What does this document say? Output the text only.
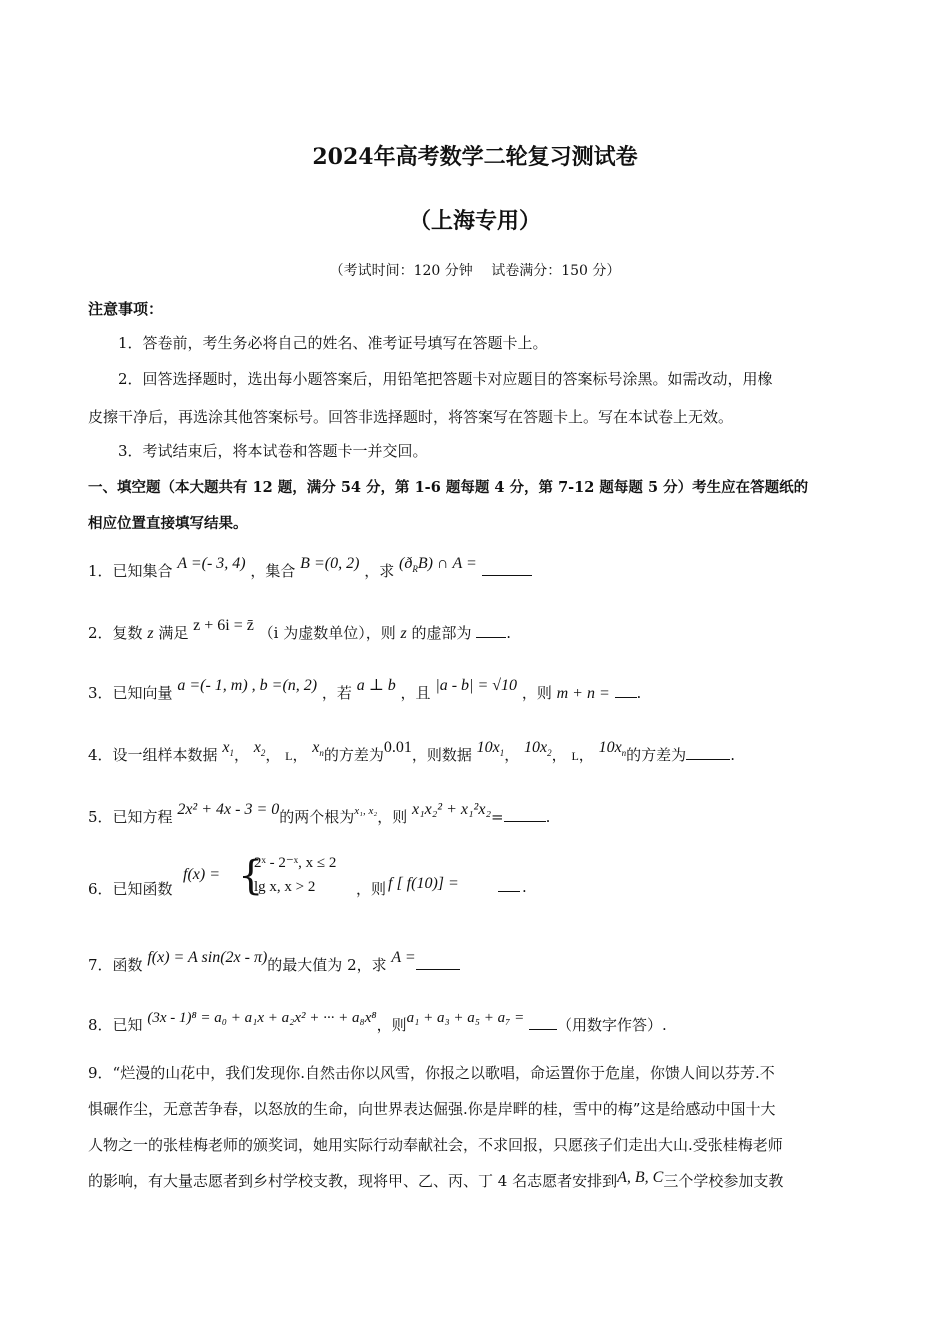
2024年高考数学二轮复习测试卷
（上海专用）
（考试时间：120 分钟　 试卷满分：150 分）
注意事项：
1．答卷前，考生务必将自己的姓名、准考证号填写在答题卡上。
2．回答选择题时，选出每小题答案后，用铅笔把答题卡对应题目的答案标号涂黑。如需改动，用橡
皮擦干净后，再选涂其他答案标号。回答非选择题时，将答案写在答题卡上。写在本试卷上无效。
3．考试结束后，将本试卷和答题卡一并交回。
一、填空题（本大题共有 12 题，满分 54 分，第 1-6 题每题 4 分，第 7-12 题每题 5 分）考生应在答题纸的
相应位置直接填写结果。
1．已知集合 A =(- 3, 4) ，集合 B =(0, 2) ，求 $(ð_RB)$ ∩ A =
2．复数 z 满足 z + 6i = z̄ （i 为虚数单位），则 z 的虚部为 .
3．已知向量 a =(- 1, m) , b =(n, 2) ，若 a ⊥ b ，且 |a - b| = √10 ，则 m + n = .
4．设一组样本数据 $x_1$， $x_2$， L， $x_n$的方差为0.01，则数据 $10x_1$， $10x_2$， L， $10x_n$的方差为	.
5．已知方程 2x² + 4x - 3 = 0的两个根为$^{x_1, x_2}$，则 x₁x₂² + x₁²x₂=	.
6．已知函数
f(x) = {
2ˣ - 2⁻ˣ, x ≤ 2
lg x, x > 2	，则 f [ f(10)] =	.
7．函数 f(x) = A sin(2x - π)的最大值为 2，求 A =
8．已知 (3x - 1)⁸ = a₀ + a₁x + a₂x² + ··· + a₈x⁸，则a₁ + a₃ + a₅ + a₇ = （用数字作答）.
9．“烂漫的山花中，我们发现你.自然击你以风雪，你报之以歌唱，命运置你于危崖，你馈人间以芬芳.不
惧碾作尘，无意苦争春，以怒放的生命，向世界表达倔强.你是岸畔的桂，雪中的梅”这是给感动中国十大
人物之一的张桂梅老师的颁奖词，她用实际行动奉献社会，不求回报，只愿孩子们走出大山.受张桂梅老师
的影响，有大量志愿者到乡村学校支教，现将甲、乙、丙、丁 4 名志愿者安排到A, B, C三个学校参加支教
